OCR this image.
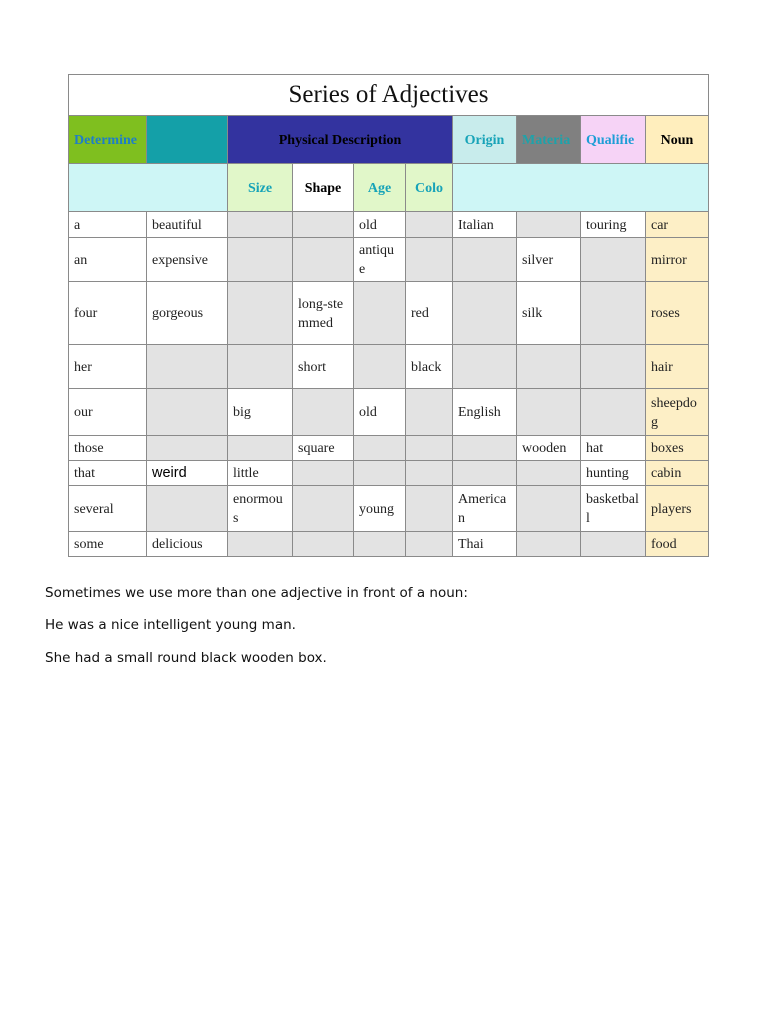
Series of Adjectives									
Determine		Physical Description				Origin	Materia	Qualifie	Noun
		Size	Shape	Age	Colo				
a	beautiful			old		Italian		touring	car
an	expensive			antique			silver		mirror
four	gorgeous		long-stemmed		red		silk		roses
her			short		black				hair
our		big		old		English			sheepdog
those			square				wooden	hat	boxes
that	weird	little						hunting	cabin
several		enormous		young		American		basketball	players
some	delicious					Thai			food

Sometimes we use more than one adjective in front of a noun:

He was a nice intelligent young man.

She had a small round black wooden box.
